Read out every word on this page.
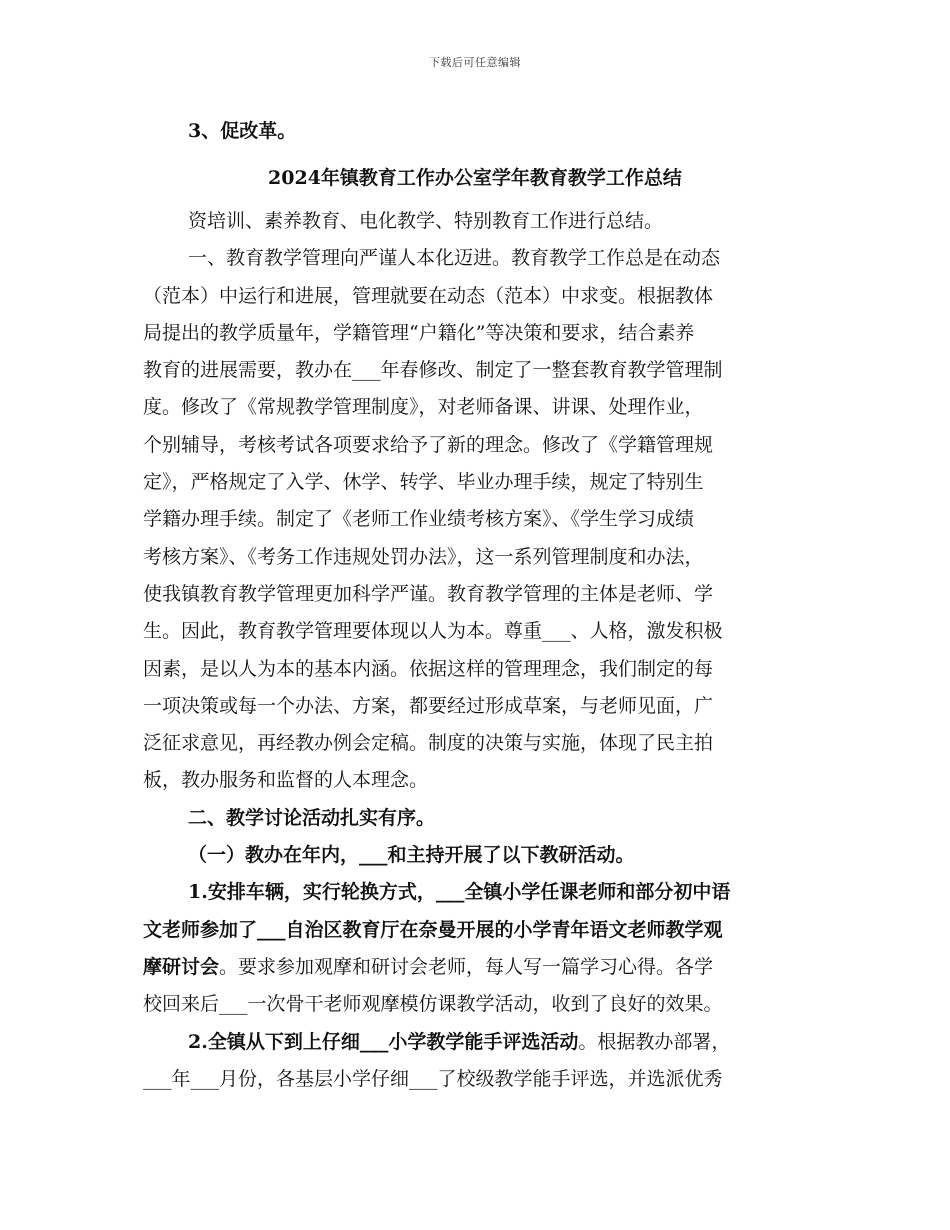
下载后可任意编辑
3、促改革。
2024年镇教育工作办公室学年教育教学工作总结
资培训、素养教育、电化教学、特别教育工作进行总结。
一、教育教学管理向严谨人本化迈进。教育教学工作总是在动态
（范本）中运行和进展，管理就要在动态（范本）中求变。根据教体
局提出的教学质量年，学籍管理“户籍化”等决策和要求，结合素养
教育的进展需要，教办在___年春修改、制定了一整套教育教学管理制
度。修改了《常规教学管理制度》，对老师备课、讲课、处理作业，
个别辅导，考核考试各项要求给予了新的理念。修改了《学籍管理规
定》，严格规定了入学、休学、转学、毕业办理手续，规定了特别生
学籍办理手续。制定了《老师工作业绩考核方案》、《学生学习成绩
考核方案》、《考务工作违规处罚办法》，这一系列管理制度和办法，
使我镇教育教学管理更加科学严谨。教育教学管理的主体是老师、学
生。因此，教育教学管理要体现以人为本。尊重___、人格，激发积极
因素，是以人为本的基本内涵。依据这样的管理理念，我们制定的每
一项决策或每一个办法、方案，都要经过形成草案，与老师见面，广
泛征求意见，再经教办例会定稿。制度的决策与实施，体现了民主拍
板，教办服务和监督的人本理念。
二、教学讨论活动扎实有序。
（一）教办在年内，___和主持开展了以下教研活动。
1.安排车辆，实行轮换方式，___全镇小学任课老师和部分初中语
文老师参加了___自治区教育厅在奈曼开展的小学青年语文老师教学观
摩研讨会。要求参加观摩和研讨会老师，每人写一篇学习心得。各学
校回来后___一次骨干老师观摩模仿课教学活动，收到了良好的效果。
2.全镇从下到上仔细___小学教学能手评选活动。根据教办部署，
___年___月份，各基层小学仔细___了校级教学能手评选，并选派优秀
